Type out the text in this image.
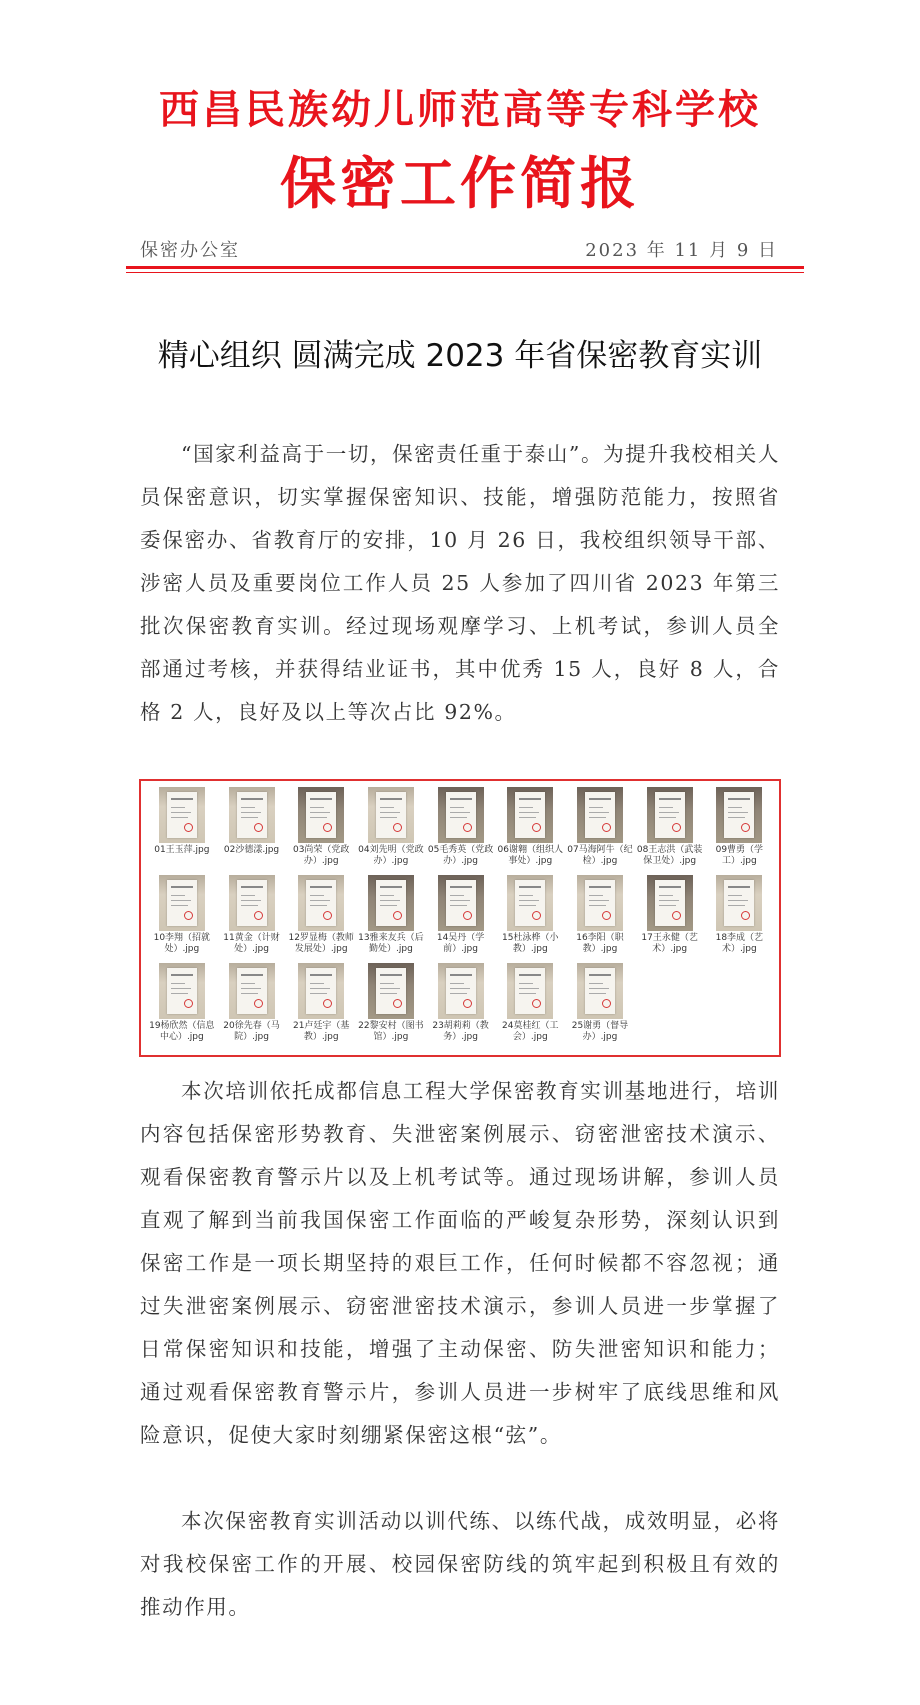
西昌民族幼儿师范高等专科学校
保密工作简报
保密办公室	2023 年 11 月 9 日
精心组织 圆满完成 2023 年省保密教育实训

“国家利益高于一切，保密责任重于泰山”。为提升我校相关人员保密意识，切实掌握保密知识、技能，增强防范能力，按照省委保密办、省教育厅的安排，10 月 26 日，我校组织领导干部、涉密人员及重要岗位工作人员 25 人参加了四川省 2023 年第三批次保密教育实训。经过现场观摩学习、上机考试，参训人员全部通过考核，并获得结业证书，其中优秀 15 人，良好 8 人，合格 2 人，良好及以上等次占比 92%。

01王玉萍.jpg	02沙德漾.jpg	03尚荣（党政办）.jpg
04刘先明（党政办）.jpg
05毛秀英（党政办）.jpg
06谢翱（组织人事处）.jpg
07马海阿牛（纪检）.jpg
08王志洪（武装保卫处）.jpg
09曹勇（学工）.jpg
10李翔（招就处）.jpg
11黄金（计财处）.jpg
12罗显梅（教师发展处）.jpg
13雅来友兵（后勤处）.jpg
14吴丹（学前）.jpg
15杜泳桦（小教）.jpg
16李阳（职教）.jpg
17王永健（艺术）.jpg
18李成（艺术）.jpg
19杨欣然（信息中心）.jpg
20徐先春（马院）.jpg
21卢廷宇（基教）.jpg
22黎安村（图书馆）.jpg
23胡莉莉（教务）.jpg
24莫桂红（工会）.jpg
25谢勇（督导办）.jpg

本次培训依托成都信息工程大学保密教育实训基地进行，培训内容包括保密形势教育、失泄密案例展示、窃密泄密技术演示、观看保密教育警示片以及上机考试等。通过现场讲解，参训人员直观了解到当前我国保密工作面临的严峻复杂形势，深刻认识到保密工作是一项长期坚持的艰巨工作，任何时候都不容忽视；通过失泄密案例展示、窃密泄密技术演示，参训人员进一步掌握了日常保密知识和技能，增强了主动保密、防失泄密知识和能力；通过观看保密教育警示片，参训人员进一步树牢了底线思维和风险意识，促使大家时刻绷紧保密这根“弦”。

本次保密教育实训活动以训代练、以练代战，成效明显，必将对我校保密工作的开展、校园保密防线的筑牢起到积极且有效的推动作用。
